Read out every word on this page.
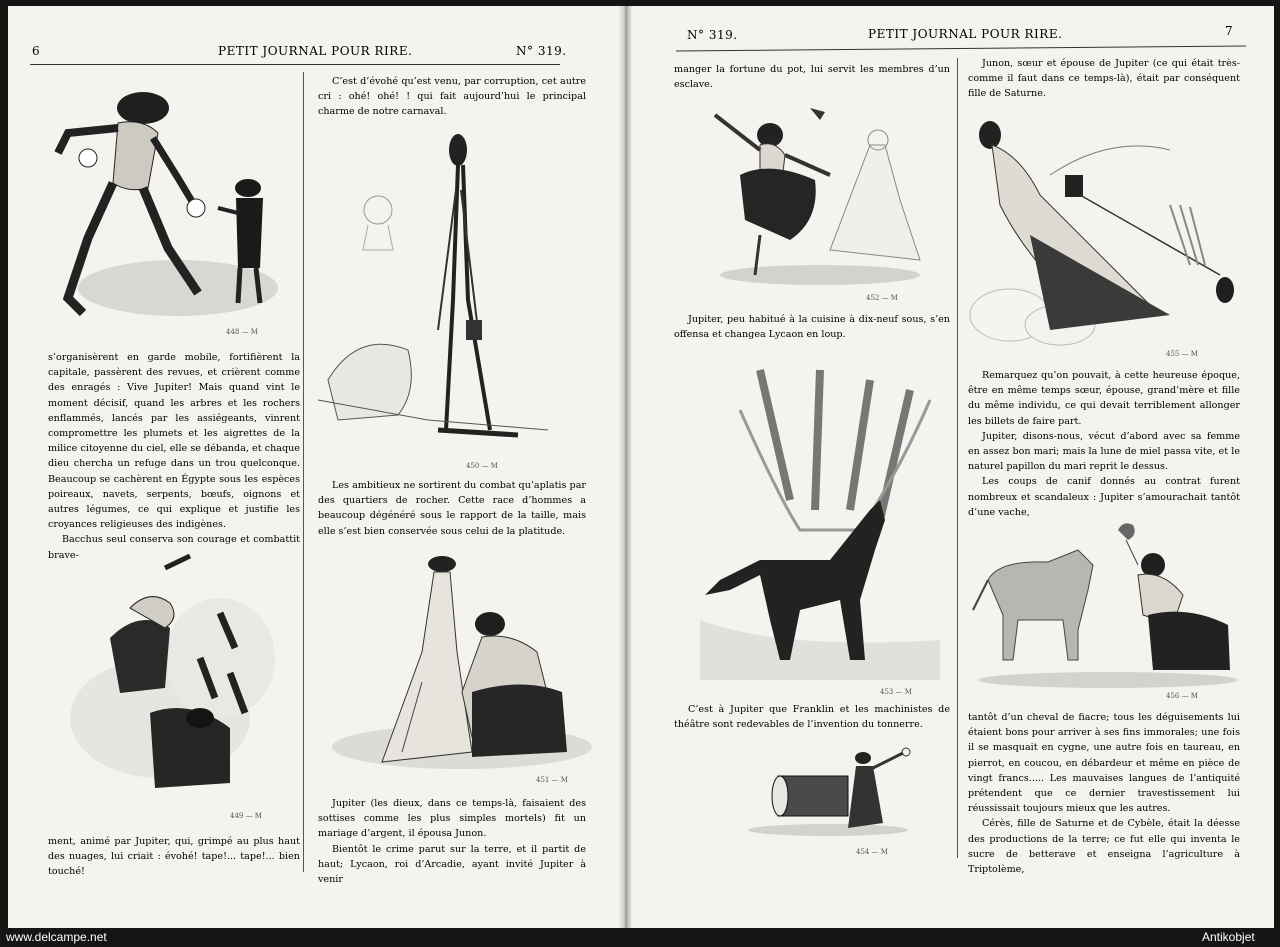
6	PETIT JOURNAL POUR RIRE.	N° 319.
N° 319.	PETIT JOURNAL POUR RIRE.	7
448 — M

s’organisèrent en garde mobile, fortifièrent la capitale, passèrent des revues, et crièrent comme des enragés : Vive Jupiter! Mais quand vint le moment décisif, quand les arbres et les rochers enflammés, lancés par les assiégeants, vinrent compromettre les plumets et les aigrettes de la milice citoyenne du ciel, elle se débanda, et chaque dieu chercha un refuge dans un trou quelconque. Beaucoup se cachèrent en Égypte sous les espèces poireaux, navets, serpents, bœufs, oignons et autres légumes, ce qui explique et justifie les croyances religieuses des indigènes.

Bacchus seul conserva son courage et combattit brave-

449 — M

ment, animé par Jupiter, qui, grimpé au plus haut des nuages, lui criait : évohé! tape!... tape!... bien touché!

C’est d’évohé qu’est venu, par corruption, cet autre cri : ohé! ohé! ! qui fait aujourd’hui le principal charme de notre carnaval.

450 — M

Les ambitieux ne sortirent du combat qu’aplatis par des quartiers de rocher. Cette race d’hommes a beaucoup dégénéré sous le rapport de la taille, mais elle s’est bien conservée sous celui de la platitude.

451 — M

Jupiter (les dieux, dans ce temps-là, faisaient des sottises comme les plus simples mortels) fit un mariage d’argent, il épousa Junon.

Bientôt le crime parut sur la terre, et il partit de haut; Lycaon, roi d’Arcadie, ayant invité Jupiter à venir

manger la fortune du pot, lui servit les membres d’un esclave.

452 — M

Jupiter, peu habitué à la cuisine à dix-neuf sous, s’en offensa et changea Lycaon en loup.

453 — M

C’est à Jupiter que Franklin et les machinistes de théâtre sont redevables de l’invention du tonnerre.

454 — M

Junon, sœur et épouse de Jupiter (ce qui était très-comme il faut dans ce temps-là), était par conséquent fille de Saturne.

455 — M

Remarquez qu’on pouvait, à cette heureuse époque, être en même temps sœur, épouse, grand’mère et fille du même individu, ce qui devait terriblement allonger les billets de faire part.

Jupiter, disons-nous, vécut d’abord avec sa femme en assez bon mari; mais la lune de miel passa vite, et le naturel papillon du mari reprit le dessus.

Les coups de canif donnés au contrat furent nombreux et scandaleux : Jupiter s’amourachait tantôt d’une vache,

456 — M

tantôt d’un cheval de fiacre; tous les déguisements lui étaient bons pour arriver à ses fins immorales; une fois il se masquait en cygne, une autre fois en taureau, en pierrot, en coucou, en débardeur et même en pièce de vingt francs..... Les mauvaises langues de l’antiquité prétendent que ce dernier travestissement lui réussissait toujours mieux que les autres.

Cérès, fille de Saturne et de Cybèle, était la déesse des productions de la terre; ce fut elle qui inventa le sucre de betterave et enseigna l’agriculture à Triptolème,

www.delcampe.net	Antikobjet
